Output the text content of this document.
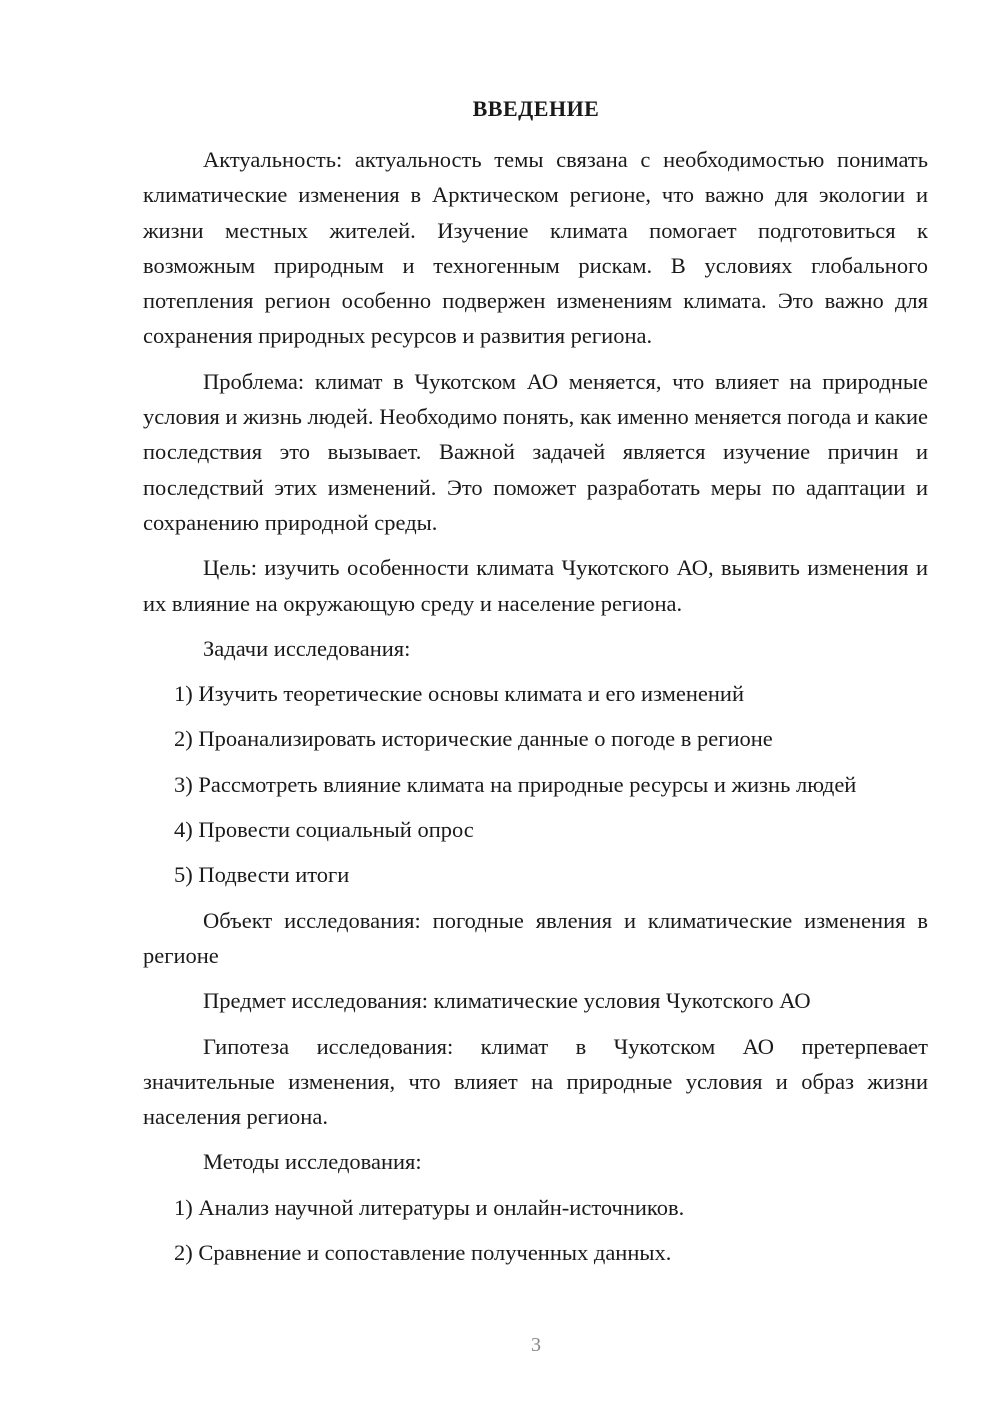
ВВЕДЕНИЕ

Актуальность: актуальность темы связана с необходимостью понимать климатические изменения в Арктическом регионе, что важно для экологии и жизни местных жителей. Изучение климата помогает подготовиться к возможным природным и техногенным рискам. В условиях глобального потепления регион особенно подвержен изменениям климата. Это важно для сохранения природных ресурсов и развития региона.

Проблема: климат в Чукотском АО меняется, что влияет на природные условия и жизнь людей. Необходимо понять, как именно меняется погода и какие последствия это вызывает. Важной задачей является изучение причин и последствий этих изменений. Это поможет разработать меры по адаптации и сохранению природной среды.

Цель: изучить особенности климата Чукотского АО, выявить изменения и их влияние на окружающую среду и население региона.

Задачи исследования:

1) Изучить теоретические основы климата и его изменений

2) Проанализировать исторические данные о погоде в регионе

3) Рассмотреть влияние климата на природные ресурсы и жизнь людей

4) Провести социальный опрос

5) Подвести итоги

Объект исследования: погодные явления и климатические изменения в регионе

Предмет исследования: климатические условия Чукотского АО

Гипотеза исследования: климат в Чукотском АО претерпевает значительные изменения, что влияет на природные условия и образ жизни населения региона.

Методы исследования:

1) Анализ научной литературы и онлайн-источников.

2) Сравнение и сопоставление полученных данных.

3
